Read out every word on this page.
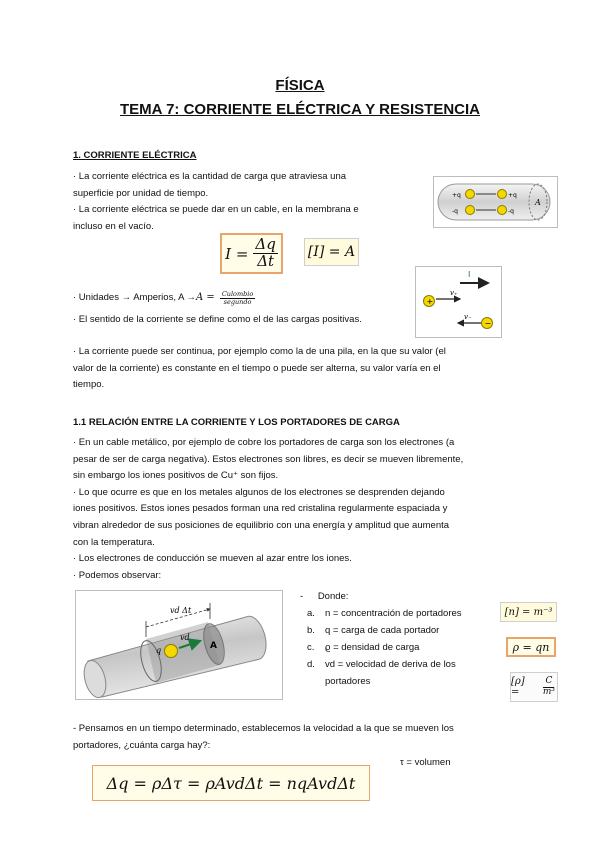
FÍSICA
TEMA 7: CORRIENTE ELÉCTRICA Y RESISTENCIA
1. CORRIENTE ELÉCTRICA

· La corriente eléctrica es la cantidad de carga que atraviesa una

superficie por unidad de tiempo.

· La corriente eléctrica se puede dar en un cable, en la membrana e

incluso en el vacío.

+q	+q
-q	-q
A
$I = \frac{\Delta q}{\Delta t} [I] = A$
I
v₊
+
v₋
−
· Unidades → Amperios, $A \to A = \frac{\text{Culombio}}{\text{segundo}}$
· El sentido de la corriente se define como el de las cargas positivas.

· La corriente puede ser continua, por ejemplo como la de una pila, en la que su valor (el

valor de la corriente) es constante en el tiempo o puede ser alterna, su valor varía en el

tiempo.

1.1 RELACIÓN ENTRE LA CORRIENTE Y LOS PORTADORES DE CARGA

· En un cable metálico, por ejemplo de cobre los portadores de carga son los electrones (a

pesar de ser de carga negativa). Estos electrones son libres, es decir se mueven libremente,

sin embargo los iones positivos de Cu⁺ son fijos.

· Lo que ocurre es que en los metales algunos de los electrones se desprenden dejando

iones positivos. Estos iones pesados forman una red cristalina regularmente espaciada y

vibran alrededor de sus posiciones de equilibrio con una energía y amplitud que aumenta

con la temperatura.

· Los electrones de conducción se mueven al azar entre los iones.

· Podemos observar:

A
vd
q
vd Δt
- Donde:
a.	n = concentración de portadores
b.	q = carga de cada portador
c.	ϱ = densidad de carga
d.	vd = velocidad de deriva de los
portadores
[n] = m⁻³
ρ = qn
[ρ] =	$\frac{C}{\text{m³}}$

- Pensamos en un tiempo determinado, establecemos la velocidad a la que se mueven los

portadores, ¿cuánta carga hay?:

τ = volumen
Δq = ρΔτ = ρAvdΔt = nqAvdΔt
